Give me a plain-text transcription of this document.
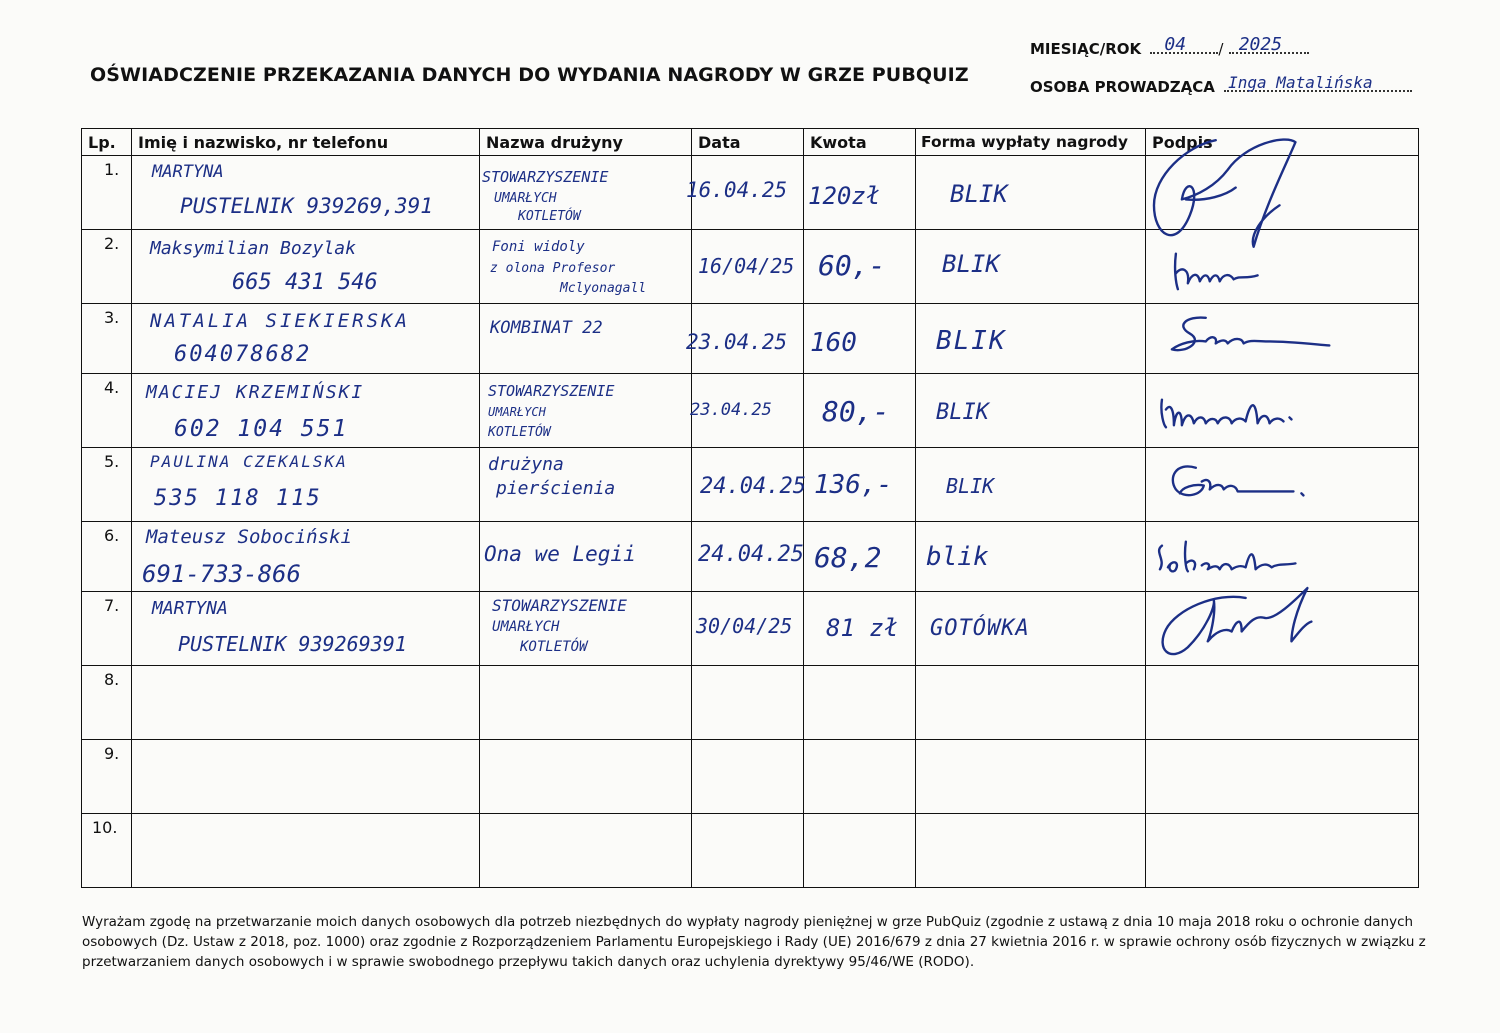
OŚWIADCZENIE PRZEKAZANIA DANYCH DO WYDANIA NAGRODY W GRZE PUBQUIZ
MIESIĄC/ROK 04 / 2025
OSOBA PROWADZĄCA Inga Matalińska
Lp.	Imię i nazwisko, nr telefonu	Nazwa drużyny	Data	Kwota	Forma wypłaty nagrody	Podpis
1.	MARTYNA
PUSTELNIK 939269,391	STOWARZYSZENIE
UMARŁYCH
KOTLETÓW	16.04.25	120zł	BLIK

2.	Maksymilian Bozylak
665 431 546	Foni widoly
z olona Profesor
Mclyonagall	16/04/25	60,-	BLIK

3.	NATALIA SIEKIERSKA
604078682	KOMBINAT 22	23.04.25	160	BLIK

4.	MACIEJ KRZEMIŃSKI
602 104 551	STOWARZYSZENIE
UMARŁYCH
KOTLETÓW	23.04.25	80,-	BLIK

5.	PAULINA CZEKALSKA
535 118 115	drużyna
pierścienia	24.04.25	136,-	BLIK

6.	Mateusz Sobociński
691-733-866	Ona we Legii	24.04.25	68,2	blik

7.	MARTYNA
PUSTELNIK 939269391	STOWARZYSZENIE
UMARŁYCH
KOTLETÓW	30/04/25	81 zł	GOTÓWKA

8.	

9.	

10.	

Wyrażam zgodę na przetwarzanie moich danych osobowych dla potrzeb niezbędnych do wypłaty nagrody pieniężnej w grze PubQuiz (zgodnie z ustawą z dnia 10 maja 2018 roku o ochronie danych osobowych (Dz. Ustaw z 2018, poz. 1000) oraz zgodnie z Rozporządzeniem Parlamentu Europejskiego i Rady (UE) 2016/679 z dnia 27 kwietnia 2016 r. w sprawie ochrony osób fizycznych w związku z przetwarzaniem danych osobowych i w sprawie swobodnego przepływu takich danych oraz uchylenia dyrektywy 95/46/WE (RODO).
